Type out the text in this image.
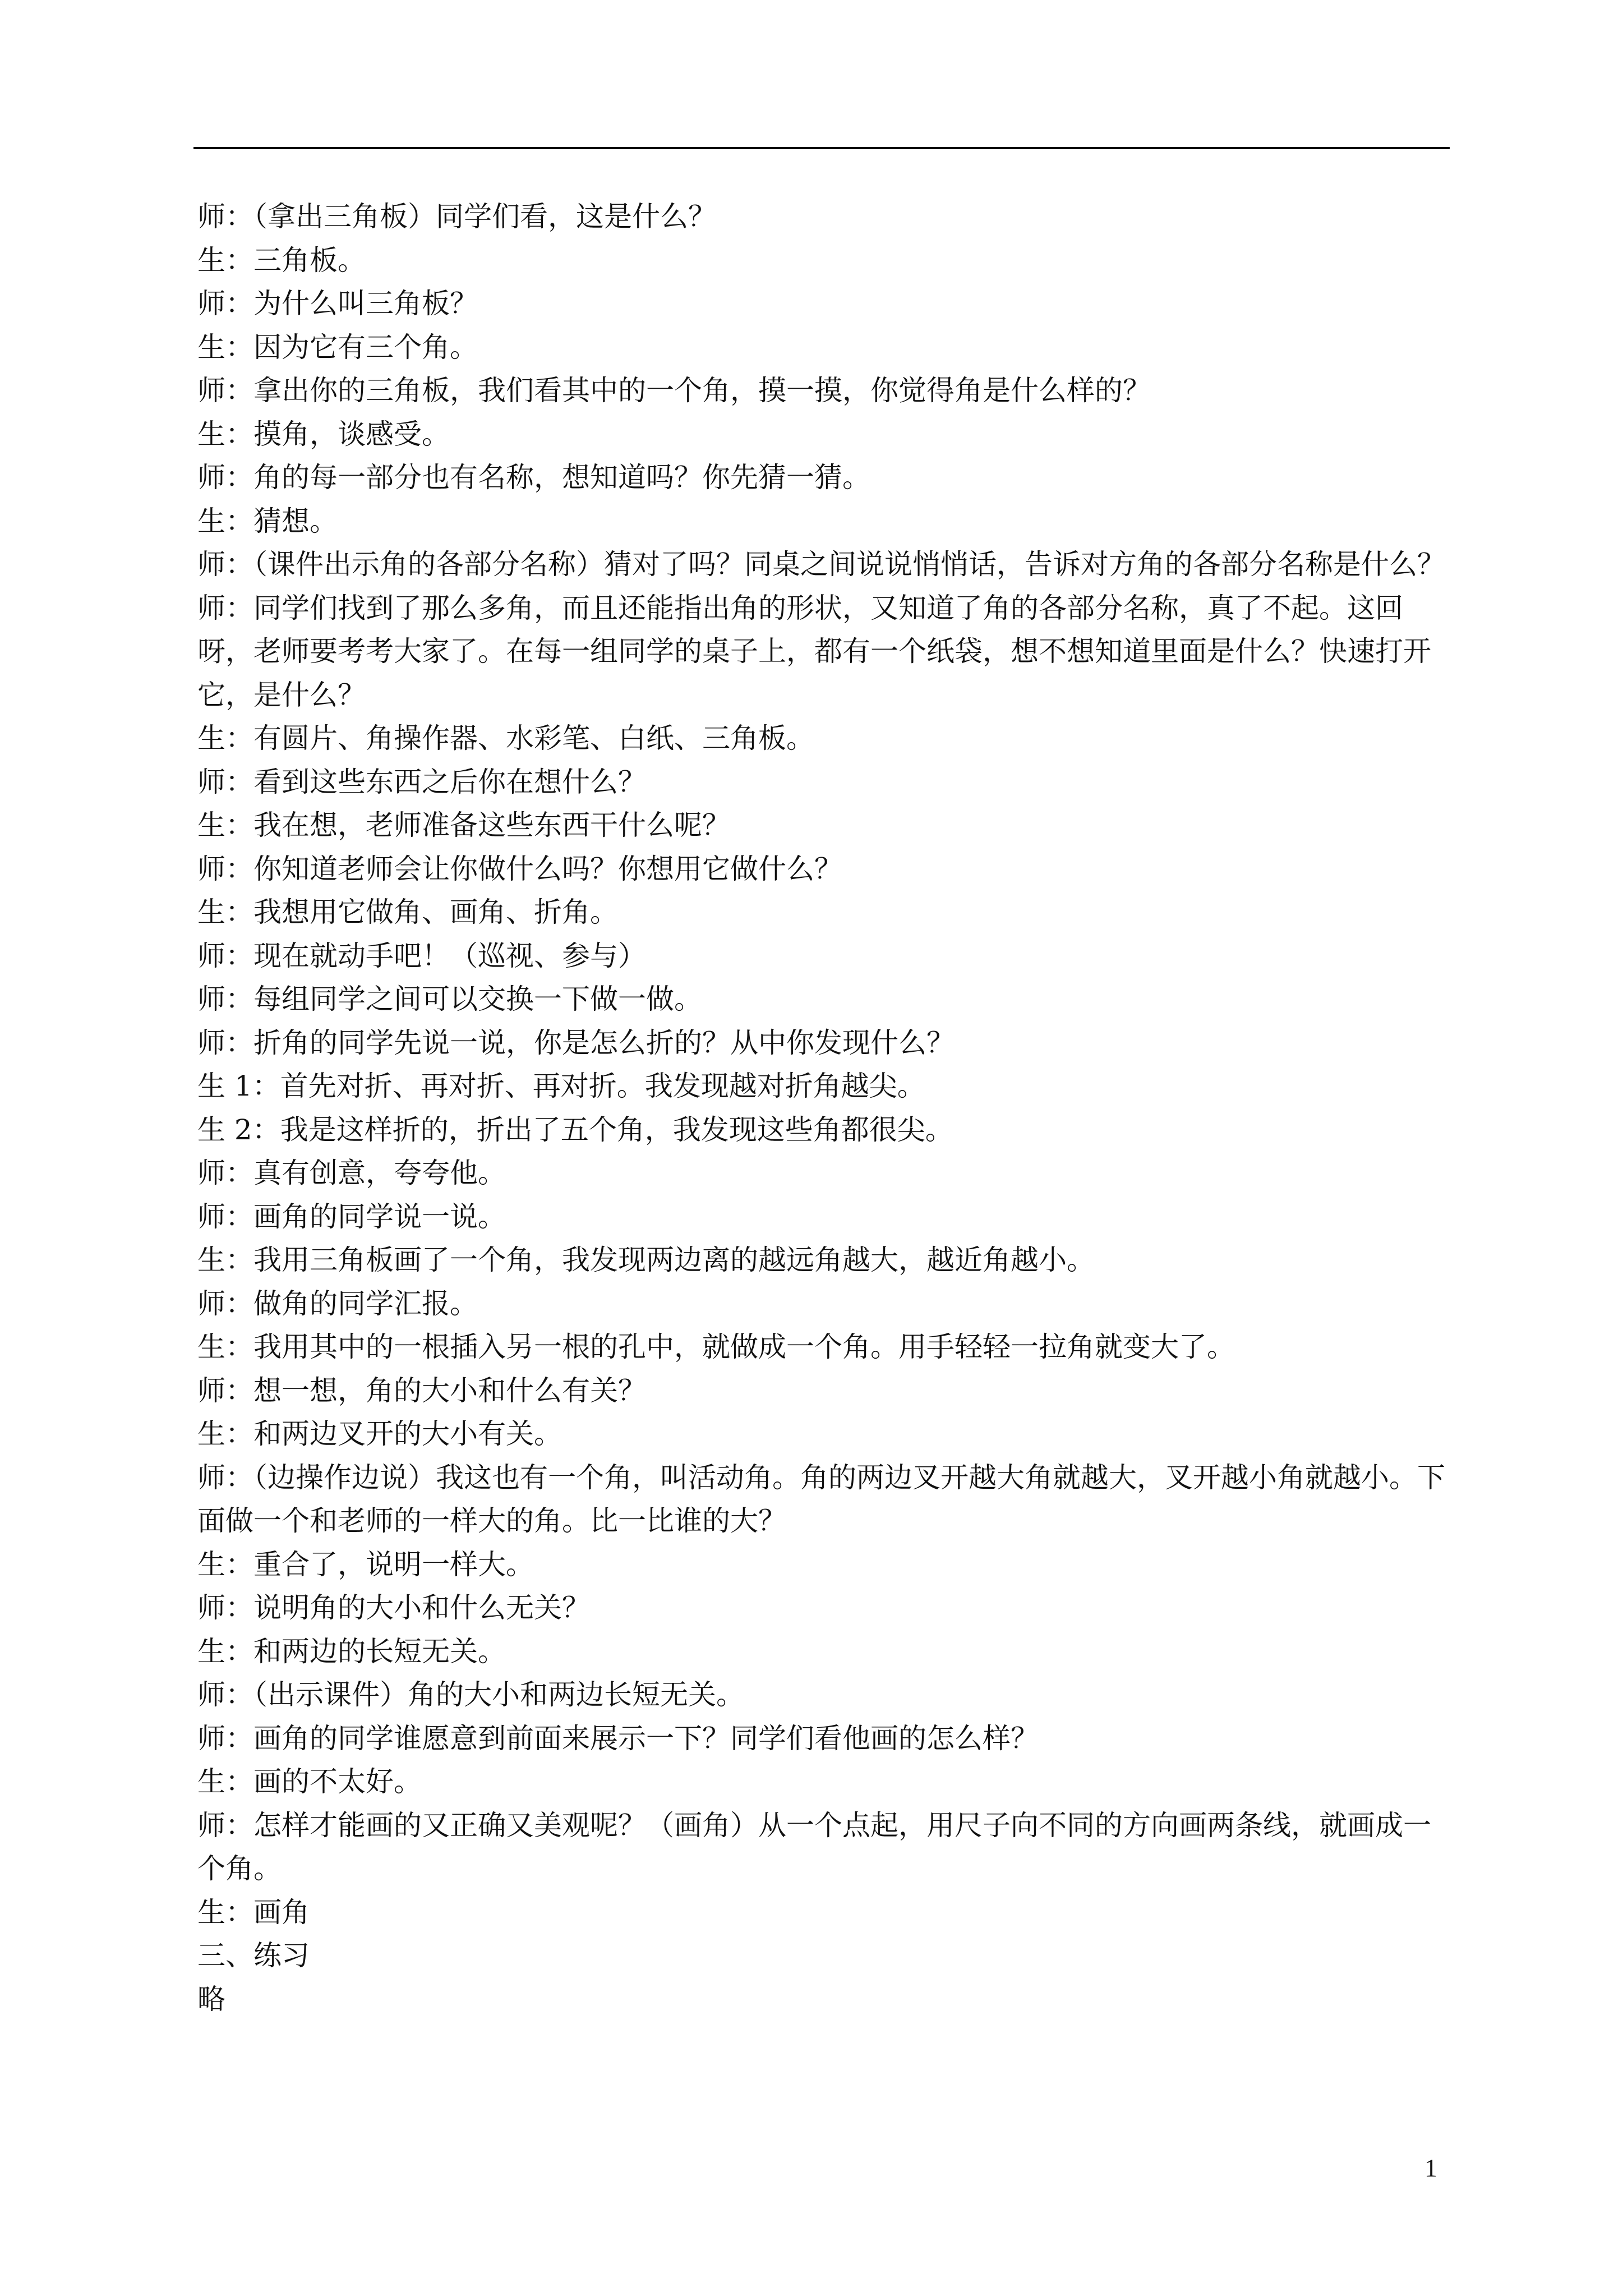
师：（拿出三角板）同学们看，这是什么？

生：三角板。

师：为什么叫三角板？

生：因为它有三个角。

师：拿出你的三角板，我们看其中的一个角，摸一摸，你觉得角是什么样的？

生：摸角，谈感受。

师：角的每一部分也有名称，想知道吗？你先猜一猜。

生：猜想。

师：（课件出示角的各部分名称）猜对了吗？同桌之间说说悄悄话，告诉对方角的各部分名称是什么？

师：同学们找到了那么多角，而且还能指出角的形状，又知道了角的各部分名称，真了不起。这回呀，老师要考考大家了。在每一组同学的桌子上，都有一个纸袋，想不想知道里面是什么？快速打开它，是什么？

生：有圆片、角操作器、水彩笔、白纸、三角板。

师：看到这些东西之后你在想什么？

生：我在想，老师准备这些东西干什么呢？

师：你知道老师会让你做什么吗？你想用它做什么？

生：我想用它做角、画角、折角。

师：现在就动手吧！（巡视、参与）

师：每组同学之间可以交换一下做一做。

师：折角的同学先说一说，你是怎么折的？从中你发现什么？

生 1：首先对折、再对折、再对折。我发现越对折角越尖。

生 2：我是这样折的，折出了五个角，我发现这些角都很尖。

师：真有创意，夸夸他。

师：画角的同学说一说。

生：我用三角板画了一个角，我发现两边离的越远角越大，越近角越小。

师：做角的同学汇报。

生：我用其中的一根插入另一根的孔中，就做成一个角。用手轻轻一拉角就变大了。

师：想一想，角的大小和什么有关？

生：和两边叉开的大小有关。

师：（边操作边说）我这也有一个角，叫活动角。角的两边叉开越大角就越大，叉开越小角就越小。下面做一个和老师的一样大的角。比一比谁的大？

生：重合了，说明一样大。

师：说明角的大小和什么无关？

生：和两边的长短无关。

师：（出示课件）角的大小和两边长短无关。

师：画角的同学谁愿意到前面来展示一下？同学们看他画的怎么样？

生：画的不太好。

师：怎样才能画的又正确又美观呢？（画角）从一个点起，用尺子向不同的方向画两条线，就画成一个角。

生：画角

三、练习

略

1
